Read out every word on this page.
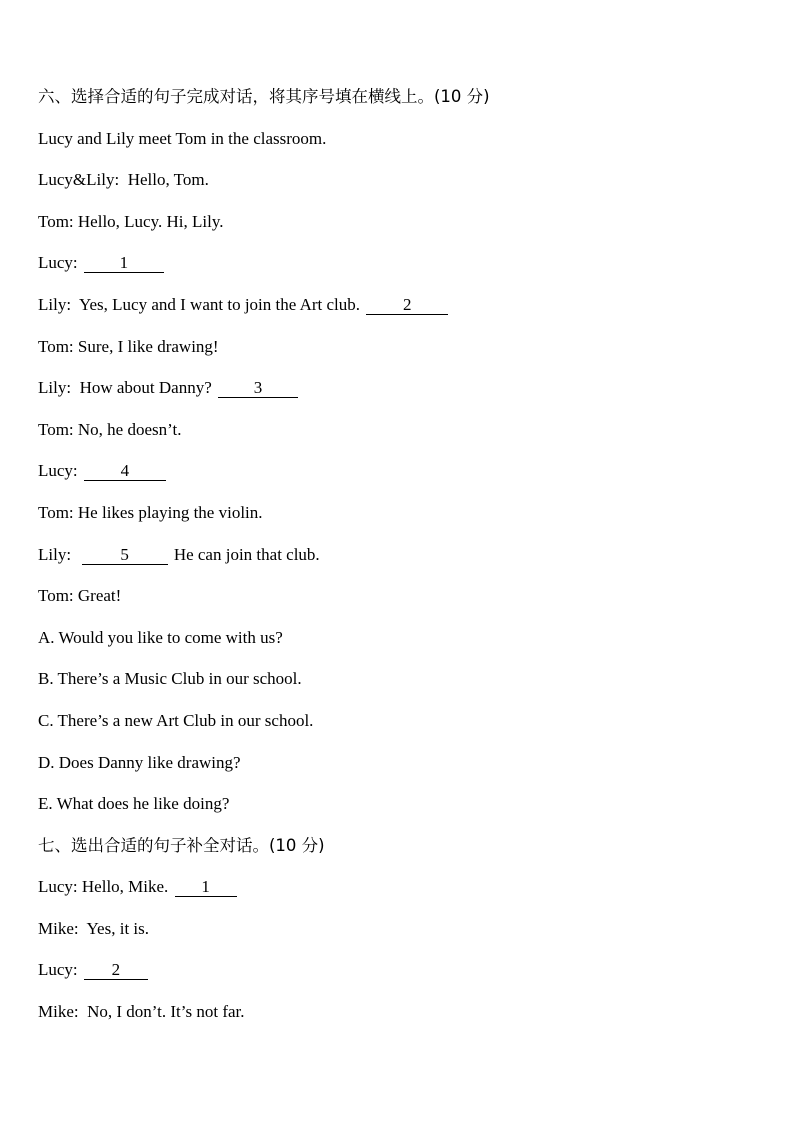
六、选择合适的句子完成对话，将其序号填在横线上。(10 分)
Lucy and Lily meet Tom in the classroom.
Lucy&Lily: Hello, Tom.
Tom: Hello, Lucy. Hi, Lily.
Lucy: 1
Lily: Yes, Lucy and I want to join the Art club.	2
Tom: Sure, I like drawing!
Lily: How about Danny? 3
Tom: No, he doesn’t.
Lucy:	4
Tom: He likes playing the violin.
Lily:	5	He can join that club.
Tom: Great!
A. Would you like to come with us?
B. There’s a Music Club in our school.
C. There’s a new Art Club in our school.
D. Does Danny like drawing?
E. What does he like doing?
七、选出合适的句子补全对话。(10 分)
Lucy: Hello, Mike. 1
Mike: Yes, it is.
Lucy: 2
Mike: No, I don’t. It’s not far.
